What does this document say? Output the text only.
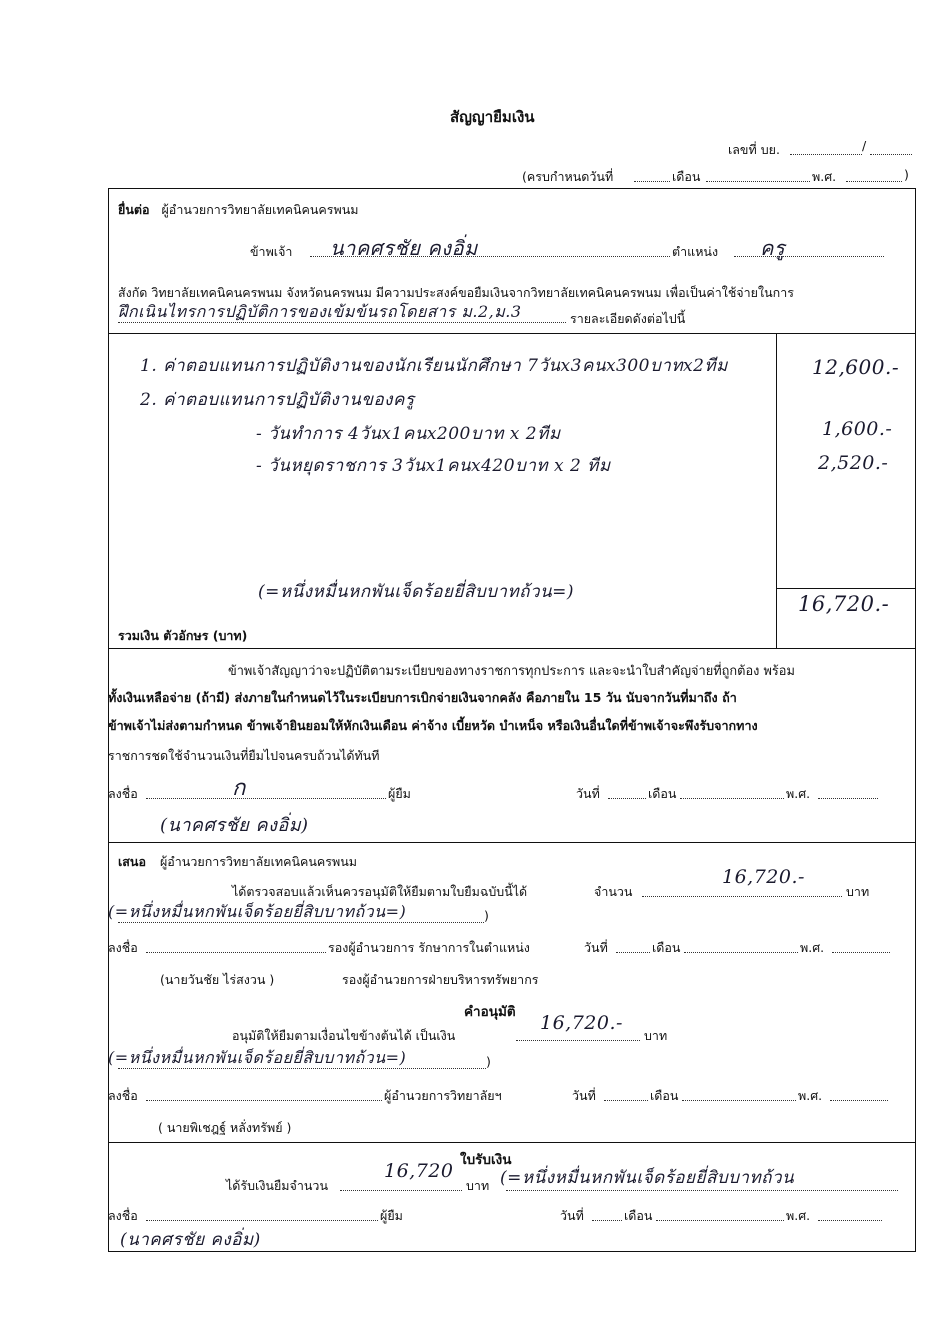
สัญญายืมเงิน
เลขที่ บย.	/
(ครบกำหนดวันที่	เดือน	พ.ศ.	)
ยื่นต่อ ผู้อำนวยการวิทยาลัยเทคนิคนครพนม
ข้าพเจ้า นาคศรชัย คงอิ่ม	ตำแหน่ง ครู
สังกัด วิทยาลัยเทคนิคนครพนม จังหวัดนครพนม มีความประสงค์ขอยืมเงินจากวิทยาลัยเทคนิคนครพนม เพื่อเป็นค่าใช้จ่ายในการ
ฝึกเนินไทรการปฏิบัติการของเข้มข้นรถโดยสาร ม.2,ม.3	รายละเอียดดังต่อไปนี้
1. ค่าตอบแทนการปฏิบัติงานของนักเรียนนักศึกษา 7วันx3คนx300บาทx2ทีม	12,600.-
2. ค่าตอบแทนการปฏิบัติงานของครู
- วันทำการ 4วันx1คนx200บาท x 2ทีม	1,600.-
- วันหยุดราชการ 3วันx1คนx420บาท x 2 ทีม	2,520.-
(=หนึ่งหมื่นหกพันเจ็ดร้อยยี่สิบบาทถ้วน=)	16,720.-
รวมเงิน ตัวอักษร (บาท)
ข้าพเจ้าสัญญาว่าจะปฏิบัติตามระเบียบของทางราชการทุกประการ และจะนำใบสำคัญจ่ายที่ถูกต้อง พร้อม
ทั้งเงินเหลือจ่าย (ถ้ามี) ส่งภายในกำหนดไว้ในระเบียบการเบิกจ่ายเงินจากคลัง คือภายใน 15 วัน นับจากวันที่มาถึง ถ้า
ข้าพเจ้าไม่ส่งตามกำหนด ข้าพเจ้ายินยอมให้หักเงินเดือน ค่าจ้าง เบี้ยหวัด บำเหน็จ หรือเงินอื่นใดที่ข้าพเจ้าจะพึงรับจากทาง
ราชการชดใช้จำนวนเงินที่ยืมไปจนครบถ้วนได้ทันที
ลงชื่อ	ก	ผู้ยืม	วันที่	เดือน	พ.ศ.
(นาคศรชัย คงอิ่ม)
เสนอ ผู้อำนวยการวิทยาลัยเทคนิคนครพนม
ได้ตรวจสอบแล้วเห็นควรอนุมัติให้ยืมตามใบยืมฉบับนี้ได้	จำนวน
16,720.-
บาท
(=หนึ่งหมื่นหกพันเจ็ดร้อยยี่สิบบาทถ้วน=)	)
ลงชื่อ	รองผู้อำนวยการ รักษาการในตำแหน่ง	วันที่	เดือน	พ.ศ.
(นายวันชัย ไร่สงวน )	รองผู้อำนวยการฝ่ายบริหารทรัพยากร
คำอนุมัติ
อนุมัติให้ยืมตามเงื่อนไขข้างต้นได้ เป็นเงิน
16,720.-
บาท
(=หนึ่งหมื่นหกพันเจ็ดร้อยยี่สิบบาทถ้วน=)	)
ลงชื่อ	ผู้อำนวยการวิทยาลัยฯ	วันที่	เดือน	พ.ศ.
( นายพิเชฎฐ์ หลั่งทรัพย์ )
ใบรับเงิน
ได้รับเงินยืมจำนวน
16,720
บาท (=หนึ่งหมื่นหกพันเจ็ดร้อยยี่สิบบาทถ้วน
ลงชื่อ	ผู้ยืม	วันที่	เดือน	พ.ศ.
(นาคศรชัย คงอิ่ม)
